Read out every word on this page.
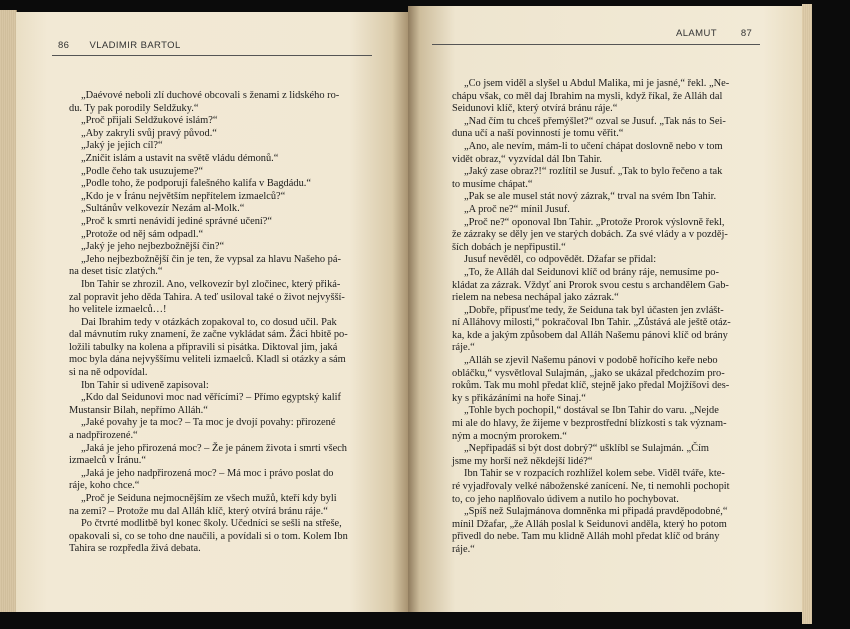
86 VLADIMIR BARTOL
„Daévové neboli zlí duchové obcovali s ženami z lidského ro-
du. Ty pak porodily Seldžuky.“
„Proč přijali Seldžukové islám?“
„Aby zakryli svůj pravý původ.“
„Jaký je jejich cíl?“
„Zničit islám a ustavit na světě vládu démonů.“
„Podle čeho tak usuzujeme?“
„Podle toho, že podporují falešného kalifa v Bagdádu.“
„Kdo je v Íránu největším nepřítelem izmaelců?“
„Sultánův velkovezír Nezám al-Molk.“
„Proč k smrti nenávidí jediné správné učení?“
„Protože od něj sám odpadl.“
„Jaký je jeho nejbezbožnější čin?“
„Jeho nejbezbožnější čin je ten, že vypsal za hlavu Našeho pá-
na deset tisíc zlatých.“
Ibn Tahir se zhrozil. Ano, velkovezír byl zločinec, který přiká-
zal popravit jeho děda Tahira. A teď usiloval také o život nejvyšší-
ho velitele izmaelců…!
Dai Ibrahim tedy v otázkách zopakoval to, co dosud učil. Pak
dal mávnutím ruky znamení, že začne vykládat sám. Žáci hbitě po-
ložili tabulky na kolena a připravili si pisátka. Diktoval jim, jaká
moc byla dána nejvyššímu veliteli izmaelců. Kladl si otázky a sám
si na ně odpovídal.
Ibn Tahir si udiveně zapisoval:
„Kdo dal Seidunovi moc nad věřícími? – Přímo egyptský kalif
Mustansir Bilah, nepřímo Alláh.“
„Jaké povahy je ta moc? – Ta moc je dvojí povahy: přirozené
a nadpřirozené.“
„Jaká je jeho přirozená moc? – Že je pánem života i smrti všech
izmaelců v Íránu.“
„Jaká je jeho nadpřirozená moc? – Má moc i právo poslat do
ráje, koho chce.“
„Proč je Seiduna nejmocnějším ze všech mužů, kteří kdy byli
na zemi? – Protože mu dal Alláh klíč, který otvírá bránu ráje.“
Po čtvrté modlitbě byl konec školy. Učedníci se sešli na střeše,
opakovali si, co se toho dne naučili, a povídali si o tom. Kolem Ibn
Tahira se rozpředla živá debata.
ALAMUT	87
„Co jsem viděl a slyšel u Abdul Malika, mi je jasné,“ řekl. „Ne-
chápu však, co měl daj Ibrahim na mysli, když říkal, že Alláh dal
Seidunovi klíč, který otvírá bránu ráje.“
„Nad čím tu chceš přemýšlet?“ ozval se Jusuf. „Tak nás to Sei-
duna učí a naší povinností je tomu věřit.“
„Ano, ale nevím, mám-li to učení chápat doslovně nebo v tom
vidět obraz,“ vyzvídal dál Ibn Tahir.
„Jaký zase obraz?!“ rozlítil se Jusuf. „Tak to bylo řečeno a tak
to musíme chápat.“
„Pak se ale musel stát nový zázrak,“ trval na svém Ibn Tahir.
„A proč ne?“ mínil Jusuf.
„Proč ne?“ oponoval Ibn Tahir. „Protože Prorok výslovně řekl,
že zázraky se děly jen ve starých dobách. Za své vlády a v pozděj-
ších dobách je nepřipustil.“
Jusuf nevěděl, co odpovědět. Džafar se přidal:
„To, že Alláh dal Seidunovi klíč od brány ráje, nemusíme po-
kládat za zázrak. Vždyť ani Prorok svou cestu s archandělem Gab-
rielem na nebesa nechápal jako zázrak.“
„Dobře, připusťme tedy, že Seiduna tak byl účasten jen zvlášt-
ní Alláhovy milosti,“ pokračoval Ibn Tahir. „Zůstává ale ještě otáz-
ka, kde a jakým způsobem dal Alláh Našemu pánovi klíč od brány
ráje.“
„Alláh se zjevil Našemu pánovi v podobě hořícího keře nebo
obláčku,“ vysvětloval Sulajmán, „jako se ukázal předchozím pro-
rokům. Tak mu mohl předat klíč, stejně jako předal Mojžíšovi des-
ky s přikázáními na hoře Sinaj.“
„Tohle bych pochopil,“ dostával se Ibn Tahir do varu. „Nejde
mi ale do hlavy, že žijeme v bezprostřední blízkosti s tak význam-
ným a mocným prorokem.“
„Nepřipadáš si být dost dobrý?“ ušklíbl se Sulajmán. „Čím
jsme my horší než někdejší lidé?“
Ibn Tahir se v rozpacích rozhlížel kolem sebe. Viděl tváře, kte-
ré vyjadřovaly velké náboženské zanícení. Ne, ti nemohli pochopit
to, co jeho naplňovalo údivem a nutilo ho pochybovat.
„Spíš než Sulajmánova domněnka mi připadá pravděpodobné,“
mínil Džafar, „že Alláh poslal k Seidunovi anděla, který ho potom
přivedl do nebe. Tam mu klidně Alláh mohl předat klíč od brány
ráje.“
